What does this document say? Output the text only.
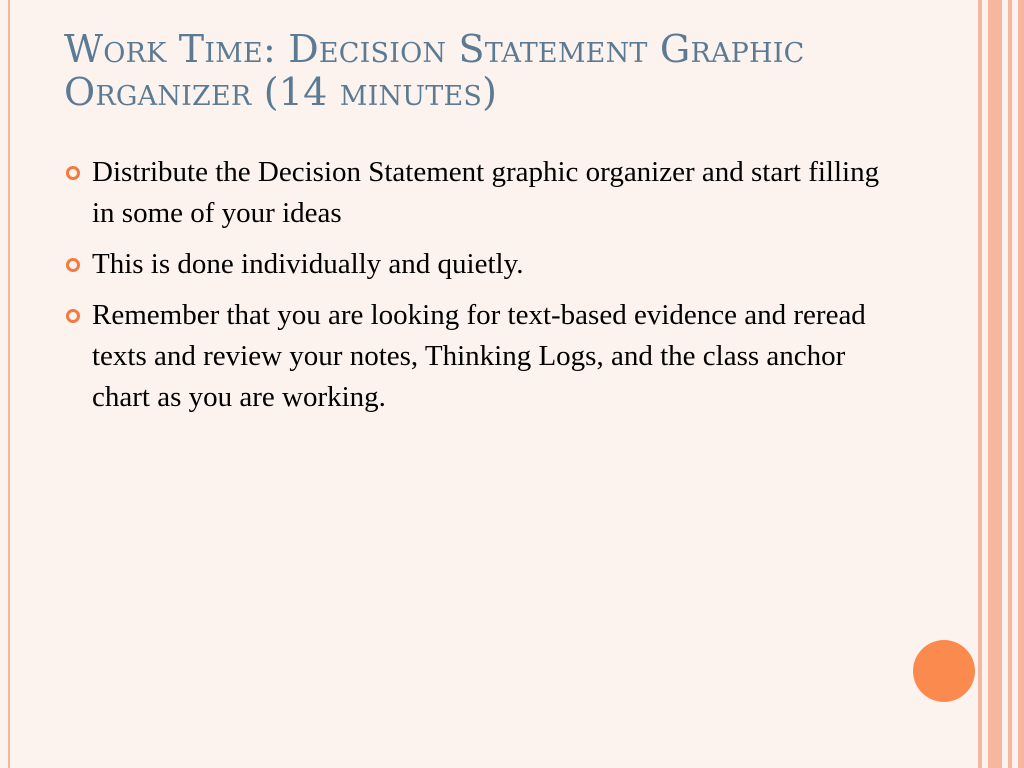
Work Time: Decision Statement Graphic Organizer (14 minutes)
Distribute the Decision Statement graphic organizer and start filling in some of your ideas
This is done individually and quietly.
Remember that you are looking for text-based evidence and reread texts and review your notes, Thinking Logs, and the class anchor chart as you are working.
